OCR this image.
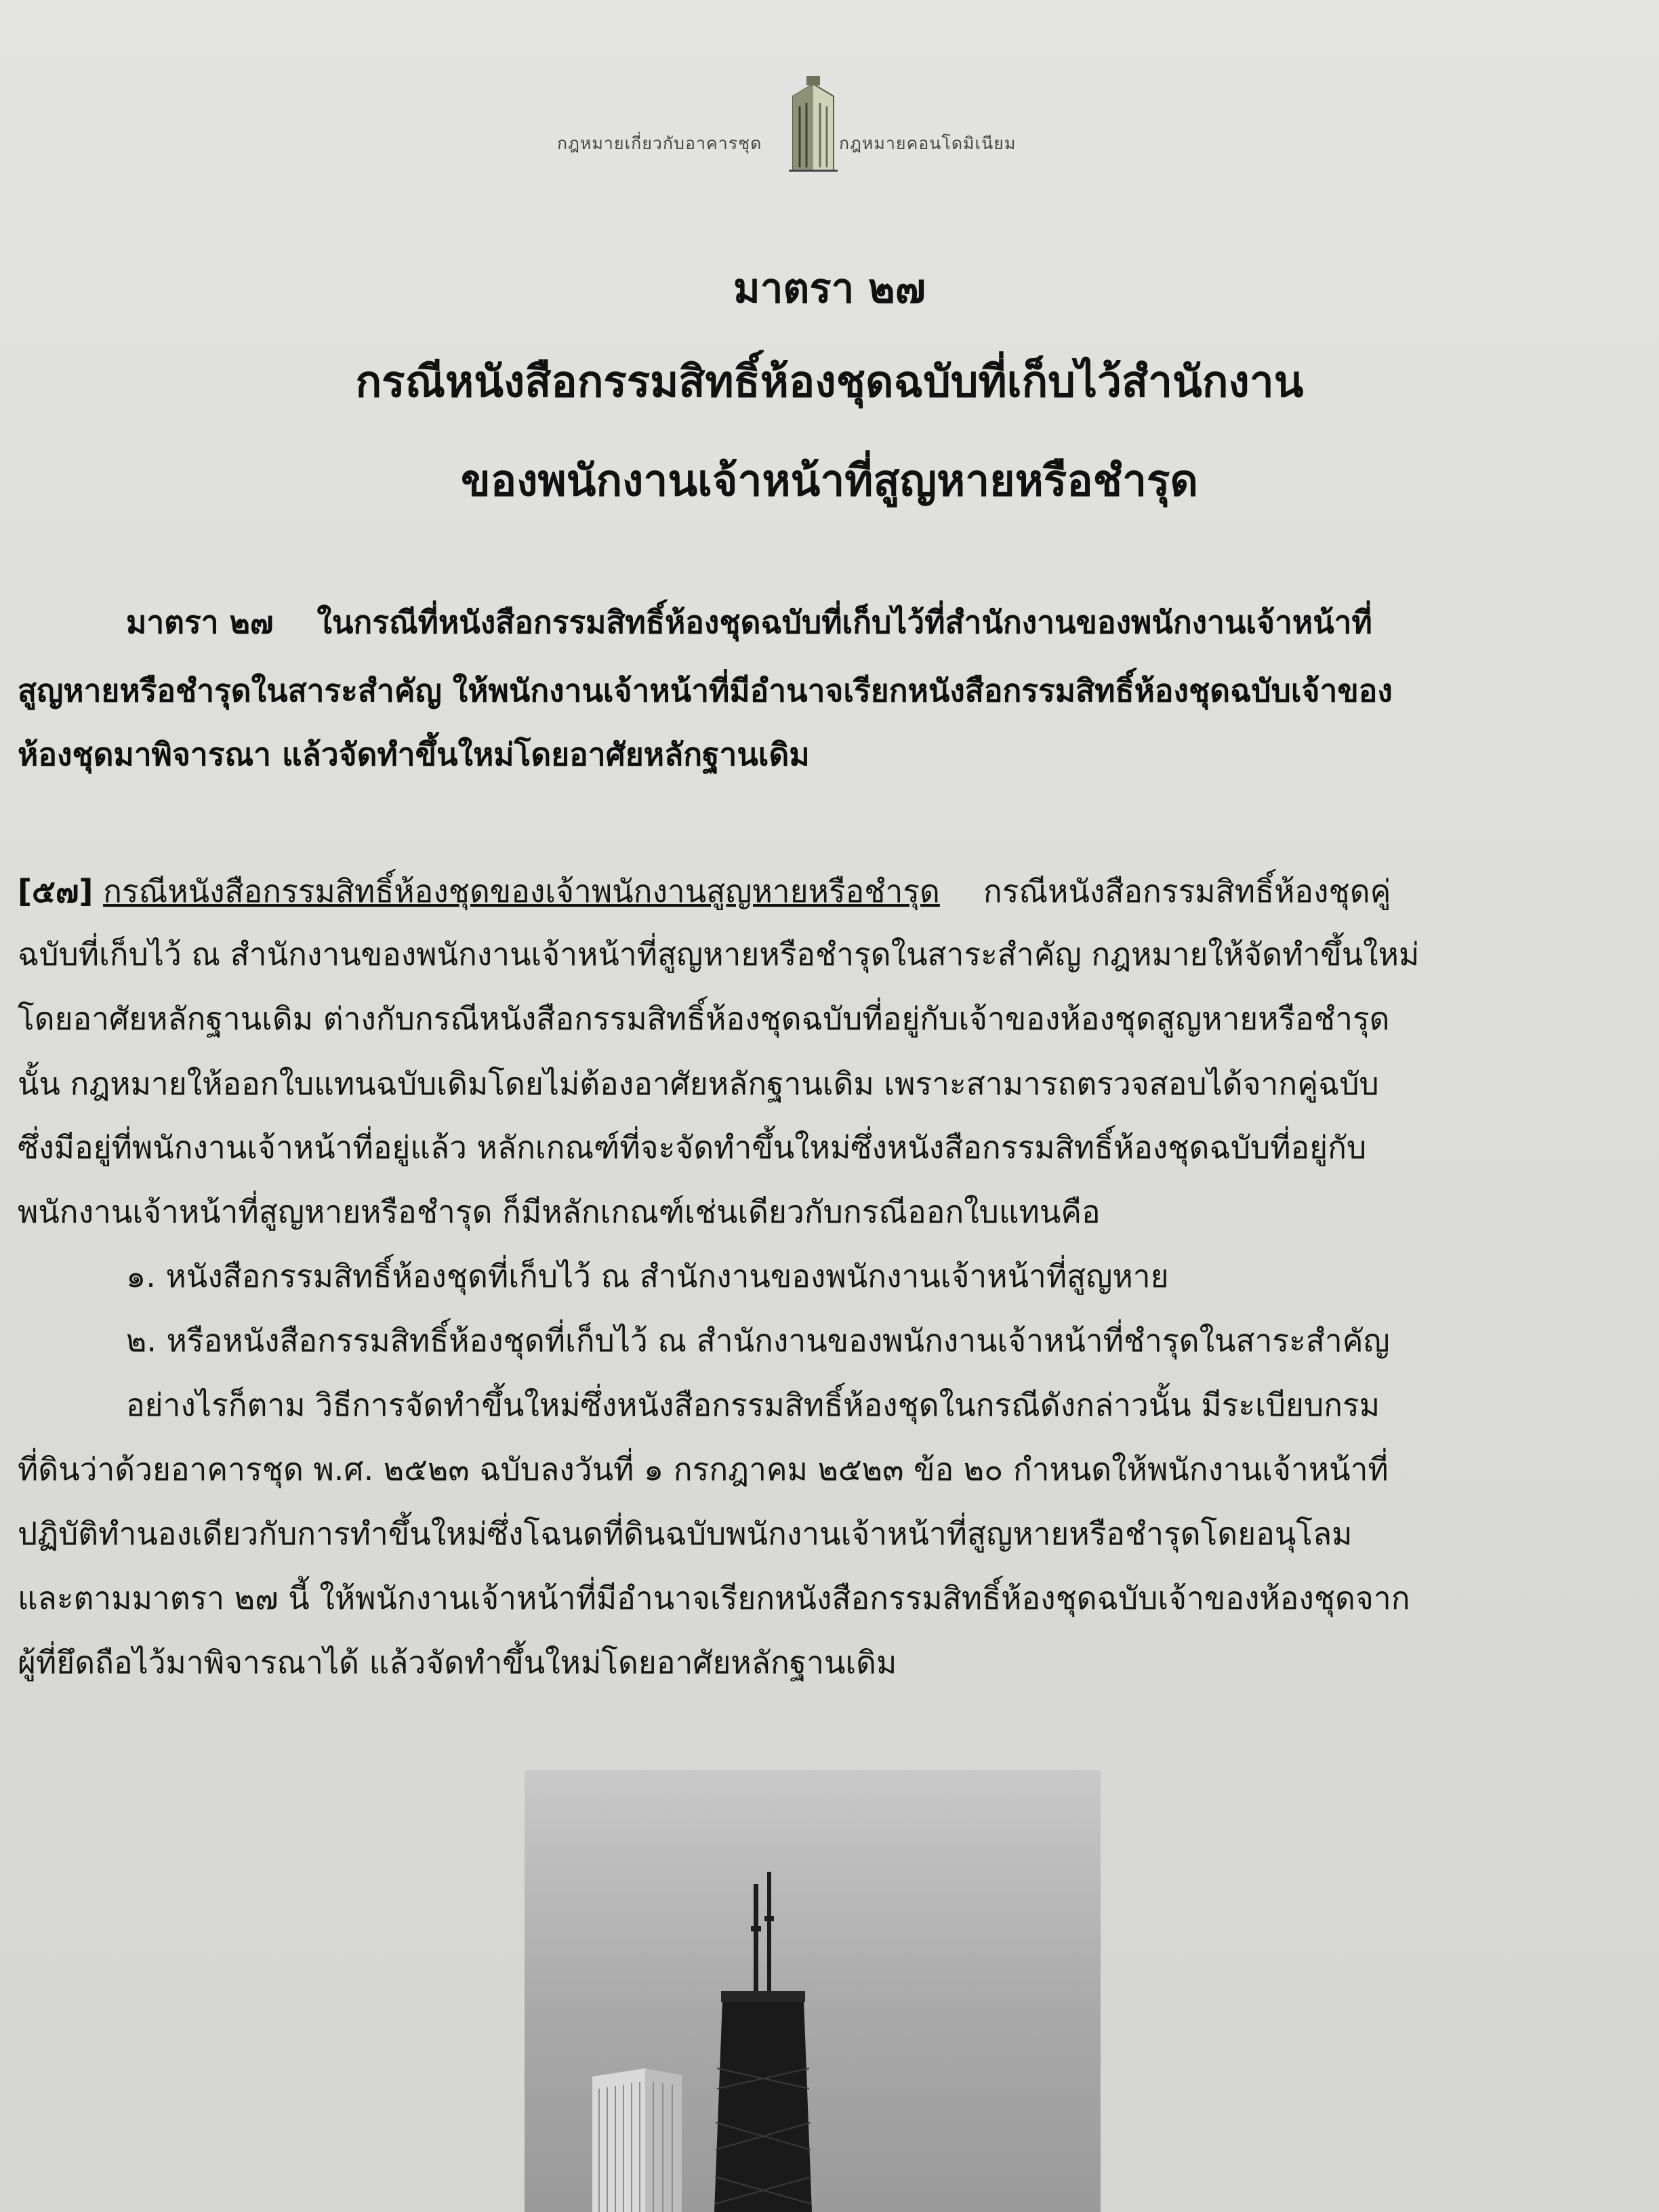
กฎหมายเกี่ยวกับอาคารชุด	กฎหมายคอนโดมิเนียม
มาตรา ๒๗
กรณีหนังสือกรรมสิทธิ์ห้องชุดฉบับที่เก็บไว้สำนักงาน
ของพนักงานเจ้าหน้าที่สูญหายหรือชำรุด
มาตรา ๒๗ ในกรณีที่หนังสือกรรมสิทธิ์ห้องชุดฉบับที่เก็บไว้ที่สำนักงานของพนักงานเจ้าหน้าที่
สูญหายหรือชำรุดในสาระสำคัญ ให้พนักงานเจ้าหน้าที่มีอำนาจเรียกหนังสือกรรมสิทธิ์ห้องชุดฉบับเจ้าของ
ห้องชุดมาพิจารณา แล้วจัดทำขึ้นใหม่โดยอาศัยหลักฐานเดิม
[๕๗] กรณีหนังสือกรรมสิทธิ์ห้องชุดของเจ้าพนักงานสูญหายหรือชำรุด กรณีหนังสือกรรมสิทธิ์ห้องชุดคู่
ฉบับที่เก็บไว้ ณ สำนักงานของพนักงานเจ้าหน้าที่สูญหายหรือชำรุดในสาระสำคัญ กฎหมายให้จัดทำขึ้นใหม่
โดยอาศัยหลักฐานเดิม ต่างกับกรณีหนังสือกรรมสิทธิ์ห้องชุดฉบับที่อยู่กับเจ้าของห้องชุดสูญหายหรือชำรุด
นั้น กฎหมายให้ออกใบแทนฉบับเดิมโดยไม่ต้องอาศัยหลักฐานเดิม เพราะสามารถตรวจสอบได้จากคู่ฉบับ
ซึ่งมีอยู่ที่พนักงานเจ้าหน้าที่อยู่แล้ว หลักเกณฑ์ที่จะจัดทำขึ้นใหม่ซึ่งหนังสือกรรมสิทธิ์ห้องชุดฉบับที่อยู่กับ
พนักงานเจ้าหน้าที่สูญหายหรือชำรุด ก็มีหลักเกณฑ์เช่นเดียวกับกรณีออกใบแทนคือ
๑. หนังสือกรรมสิทธิ์ห้องชุดที่เก็บไว้ ณ สำนักงานของพนักงานเจ้าหน้าที่สูญหาย
๒. หรือหนังสือกรรมสิทธิ์ห้องชุดที่เก็บไว้ ณ สำนักงานของพนักงานเจ้าหน้าที่ชำรุดในสาระสำคัญ
อย่างไรก็ตาม วิธีการจัดทำขึ้นใหม่ซึ่งหนังสือกรรมสิทธิ์ห้องชุดในกรณีดังกล่าวนั้น มีระเบียบกรม
ที่ดินว่าด้วยอาคารชุด พ.ศ. ๒๕๒๓ ฉบับลงวันที่ ๑ กรกฎาคม ๒๕๒๓ ข้อ ๒๐ กำหนดให้พนักงานเจ้าหน้าที่
ปฏิบัติทำนองเดียวกับการทำขึ้นใหม่ซึ่งโฉนดที่ดินฉบับพนักงานเจ้าหน้าที่สูญหายหรือชำรุดโดยอนุโลม
และตามมาตรา ๒๗ นี้ ให้พนักงานเจ้าหน้าที่มีอำนาจเรียกหนังสือกรรมสิทธิ์ห้องชุดฉบับเจ้าของห้องชุดจาก
ผู้ที่ยึดถือไว้มาพิจารณาได้ แล้วจัดทำขึ้นใหม่โดยอาศัยหลักฐานเดิม
